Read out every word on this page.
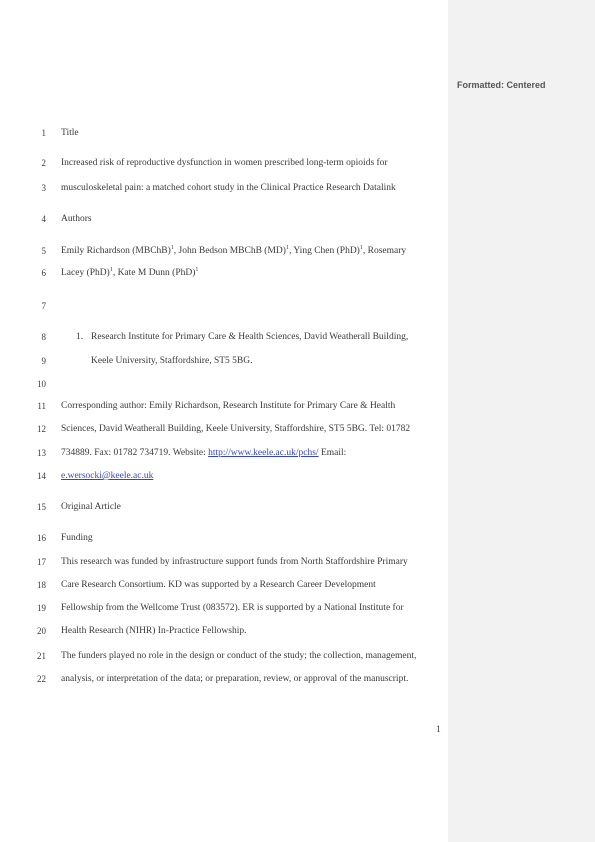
1 Title
2 Increased risk of reproductive dysfunction in women prescribed long-term opioids for
3 musculoskeletal pain: a matched cohort study in the Clinical Practice Research Datalink
4 Authors
5 Emily Richardson (MBChB)$^1$, John Bedson MBChB (MD)$^1$, Ying Chen (PhD)$^1$, Rosemary
6 Lacey (PhD)$^1$, Kate M Dunn (PhD)$^1$
7
8	1. Research Institute for Primary Care & Health Sciences, David Weatherall Building,
9	Keele University, Staffordshire, ST5 5BG.
10
11 Corresponding author: Emily Richardson, Research Institute for Primary Care & Health
12 Sciences, David Weatherall Building, Keele University, Staffordshire, ST5 5BG. Tel: 01782
13 734889. Fax: 01782 734719. Website: http://www.keele.ac.uk/pchs/ Email:
14 e.wersocki@keele.ac.uk
15 Original Article
16 Funding
17 This research was funded by infrastructure support funds from North Staffordshire Primary
18 Care Research Consortium. KD was supported by a Research Career Development
19 Fellowship from the Wellcome Trust (083572). ER is supported by a National Institute for
20 Health Research (NIHR) In-Practice Fellowship.
21 The funders played no role in the design or conduct of the study; the collection, management,
22 analysis, or interpretation of the data; or preparation, review, or approval of the manuscript.
1
Formatted: Centered
